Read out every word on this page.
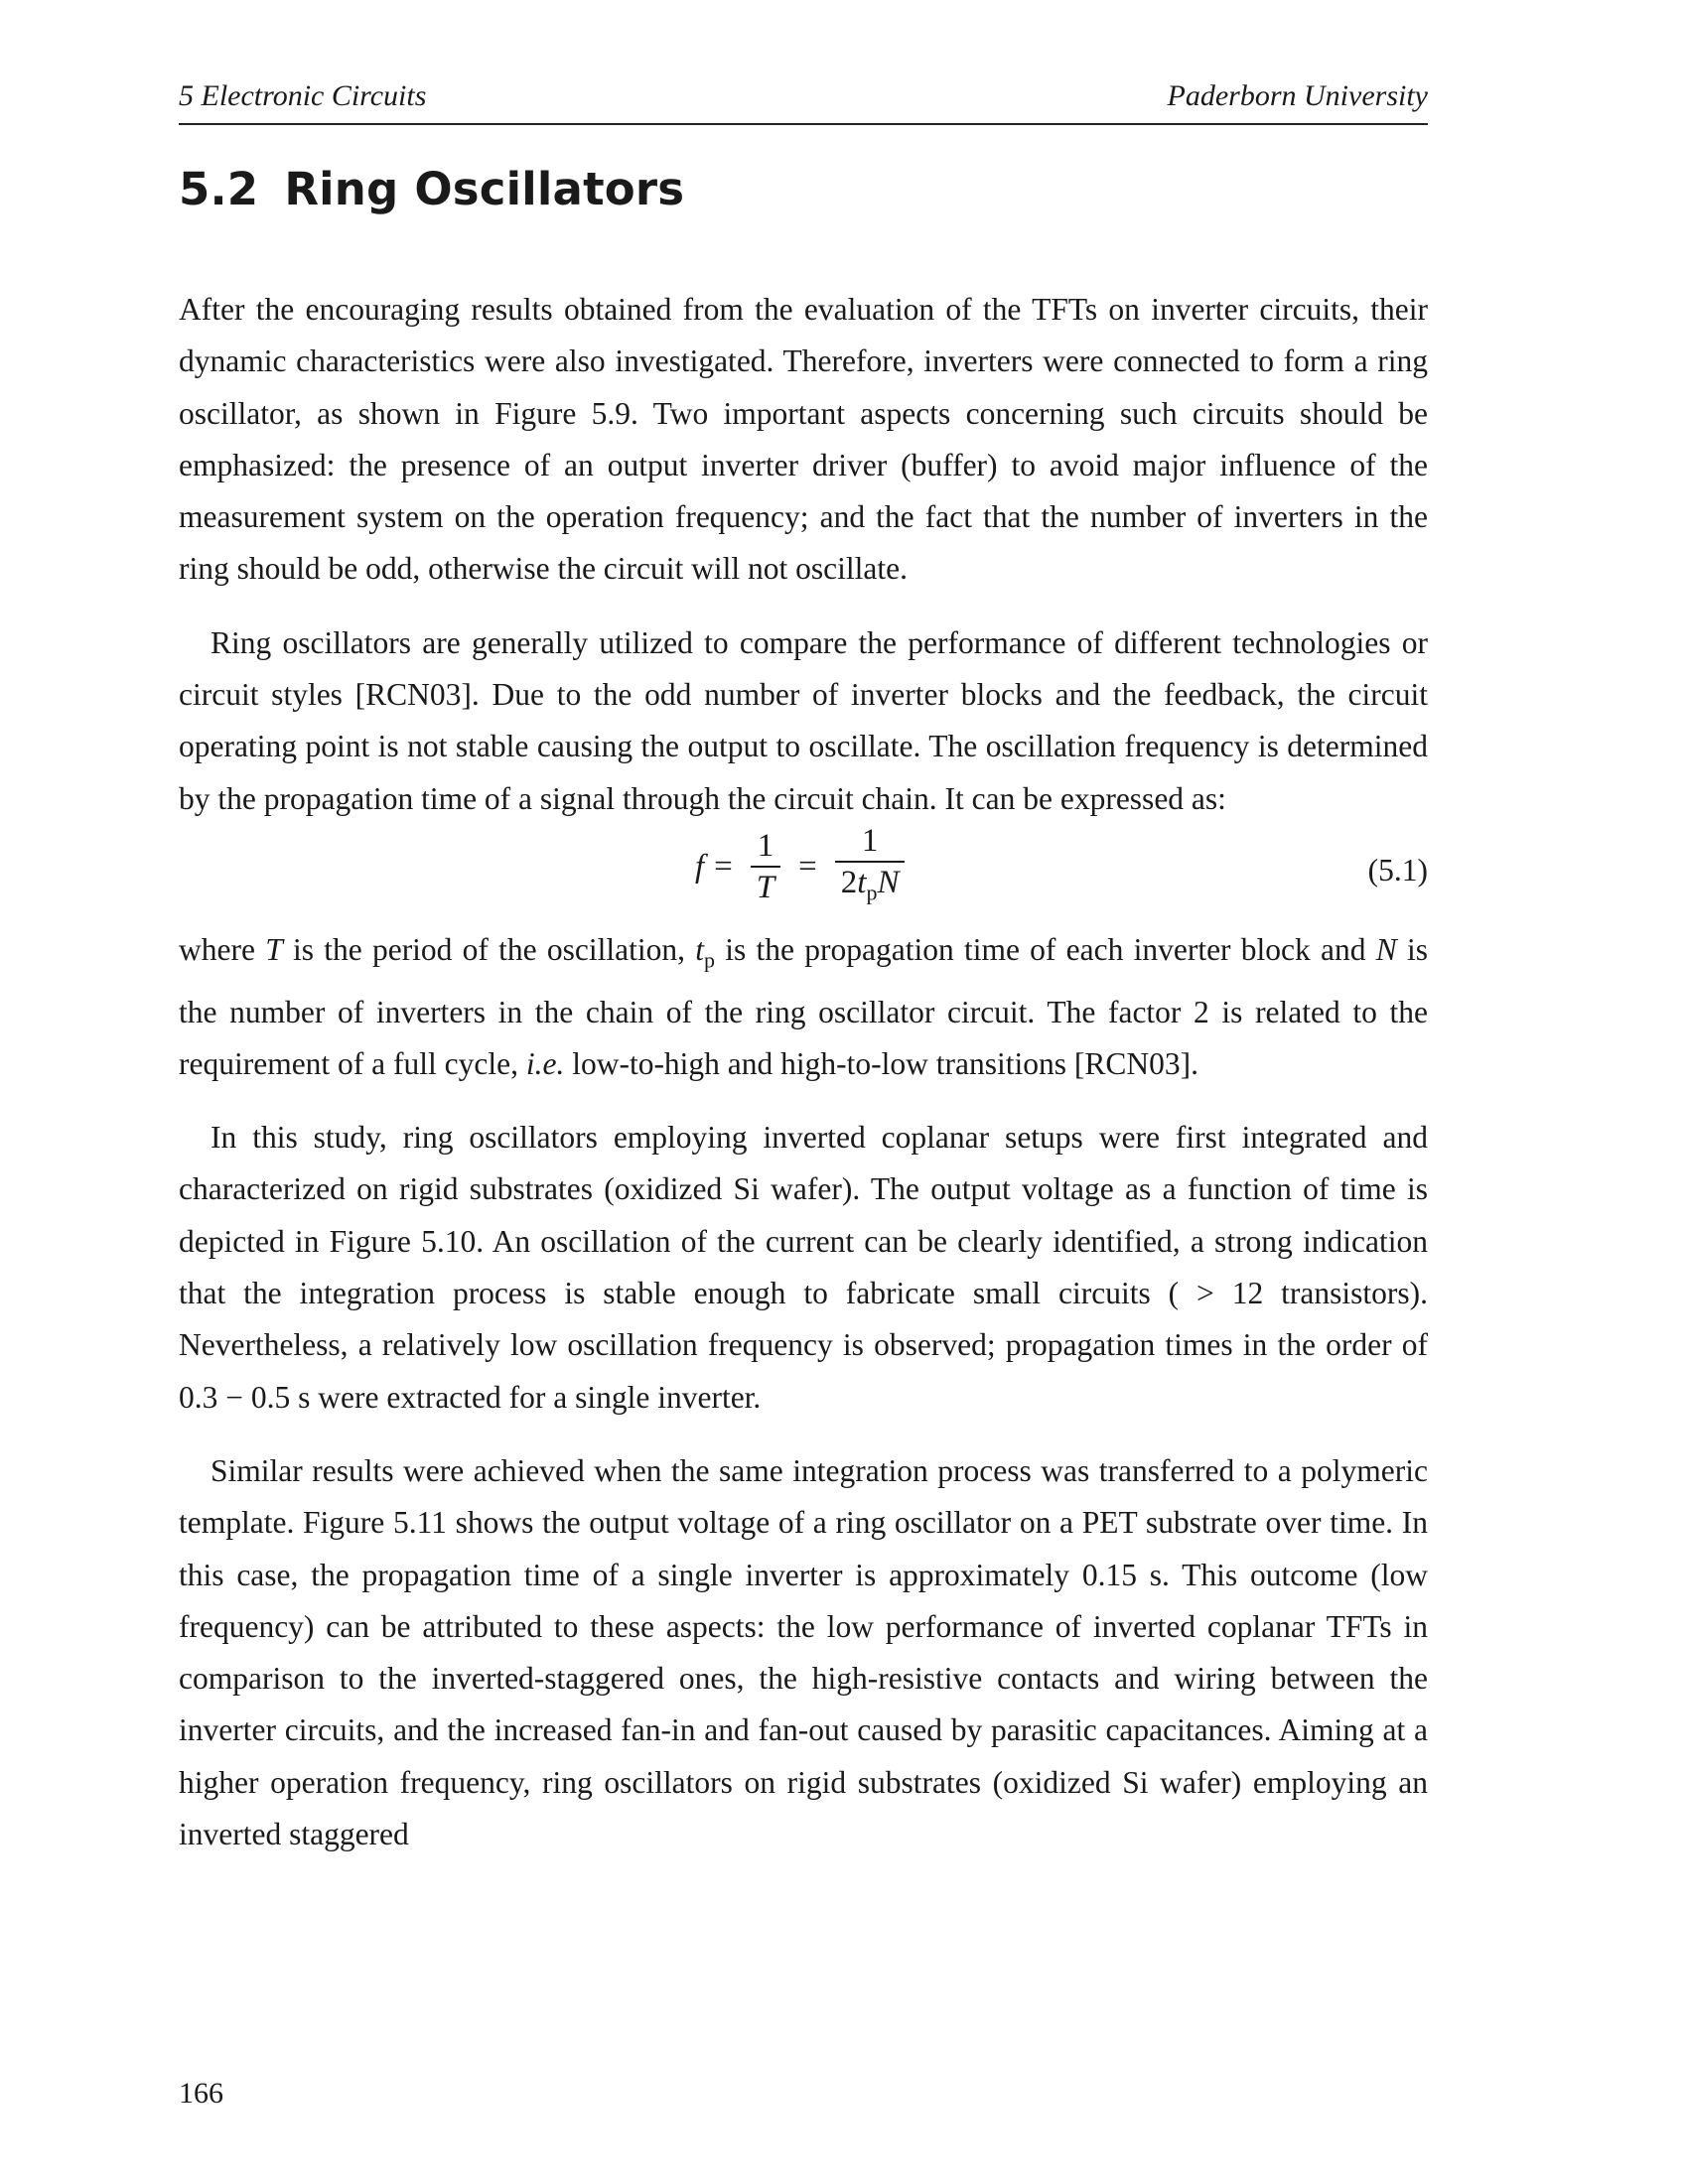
5 Electronic Circuits	Paderborn University
5.2 Ring Oscillators

After the encouraging results obtained from the evaluation of the TFTs on inverter circuits, their dynamic characteristics were also investigated. Therefore, inverters were connected to form a ring oscillator, as shown in Figure 5.9. Two important aspects concerning such circuits should be emphasized: the presence of an output inverter driver (buffer) to avoid major influence of the measurement system on the operation frequency; and the fact that the number of inverters in the ring should be odd, otherwise the circuit will not oscillate.

Ring oscillators are generally utilized to compare the performance of different technologies or circuit styles [RCN03]. Due to the odd number of inverter blocks and the feedback, the circuit operating point is not stable causing the output to oscillate. The oscillation frequency is determined by the propagation time of a signal through the circuit chain. It can be expressed as:

$f = \frac{1}{T} = \frac{1}{2t_pN}$	(5.1)

where T is the period of the oscillation, $t_p$ is the propagation time of each inverter block and N is the number of inverters in the chain of the ring oscillator circuit. The factor 2 is related to the requirement of a full cycle, i.e. low-to-high and high-to-low transitions [RCN03].

In this study, ring oscillators employing inverted coplanar setups were first integrated and characterized on rigid substrates (oxidized Si wafer). The output voltage as a function of time is depicted in Figure 5.10. An oscillation of the current can be clearly identified, a strong indication that the integration process is stable enough to fabricate small circuits ( > 12 transistors). Nevertheless, a relatively low oscillation frequency is observed; propagation times in the order of 0.3 − 0.5 s were extracted for a single inverter.

Similar results were achieved when the same integration process was transferred to a polymeric template. Figure 5.11 shows the output voltage of a ring oscillator on a PET substrate over time. In this case, the propagation time of a single inverter is approximately 0.15 s. This outcome (low frequency) can be attributed to these aspects: the low performance of inverted coplanar TFTs in comparison to the inverted-staggered ones, the high-resistive contacts and wiring between the inverter circuits, and the increased fan-in and fan-out caused by parasitic capacitances. Aiming at a higher operation frequency, ring oscillators on rigid substrates (oxidized Si wafer) employing an inverted staggered

166
